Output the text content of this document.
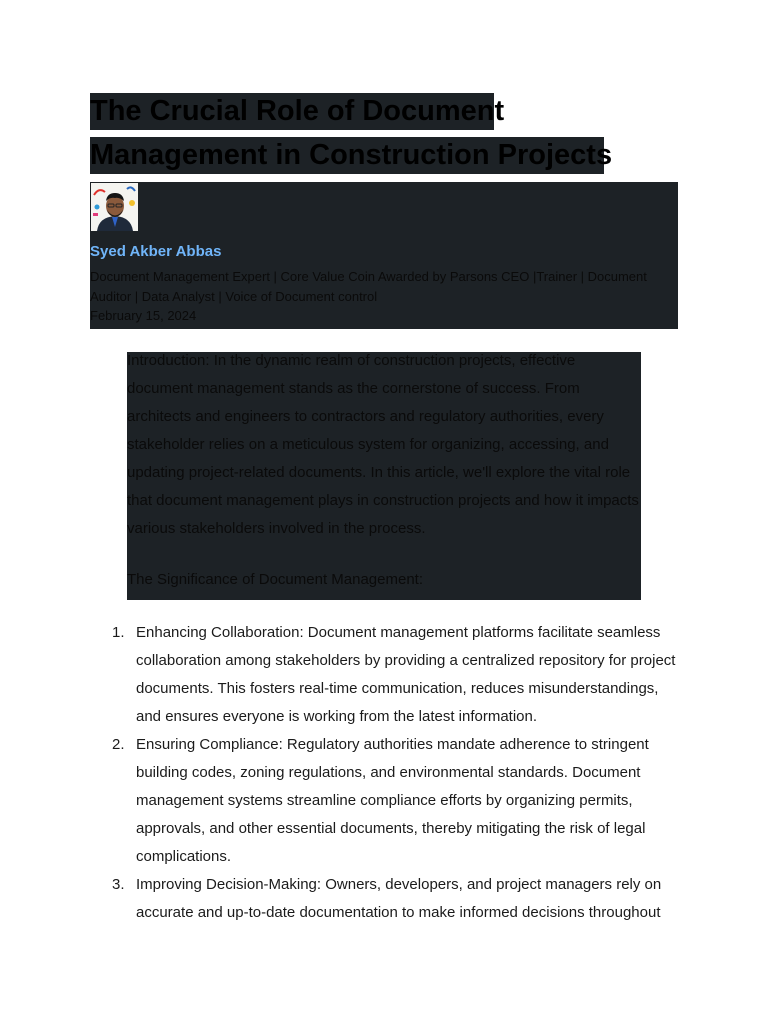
The Crucial Role of Document
Management in Construction Projects
Syed Akber Abbas
Document Management Expert | Core Value Coin Awarded by Parsons CEO |Trainer | Document Auditor | Data Analyst | Voice of Document control
February 15, 2024
Introduction: In the dynamic realm of construction projects, effective document management stands as the cornerstone of success. From architects and engineers to contractors and regulatory authorities, every stakeholder relies on a meticulous system for organizing, accessing, and updating project-related documents. In this article, we'll explore the vital role that document management plays in construction projects and how it impacts various stakeholders involved in the process.
The Significance of Document Management:
1. Enhancing Collaboration: Document management platforms facilitate seamless collaboration among stakeholders by providing a centralized repository for project documents. This fosters real-time communication, reduces misunderstandings, and ensures everyone is working from the latest information.
2. Ensuring Compliance: Regulatory authorities mandate adherence to stringent building codes, zoning regulations, and environmental standards. Document management systems streamline compliance efforts by organizing permits, approvals, and other essential documents, thereby mitigating the risk of legal complications.
3. Improving Decision-Making: Owners, developers, and project managers rely on accurate and up-to-date documentation to make informed decisions throughout
